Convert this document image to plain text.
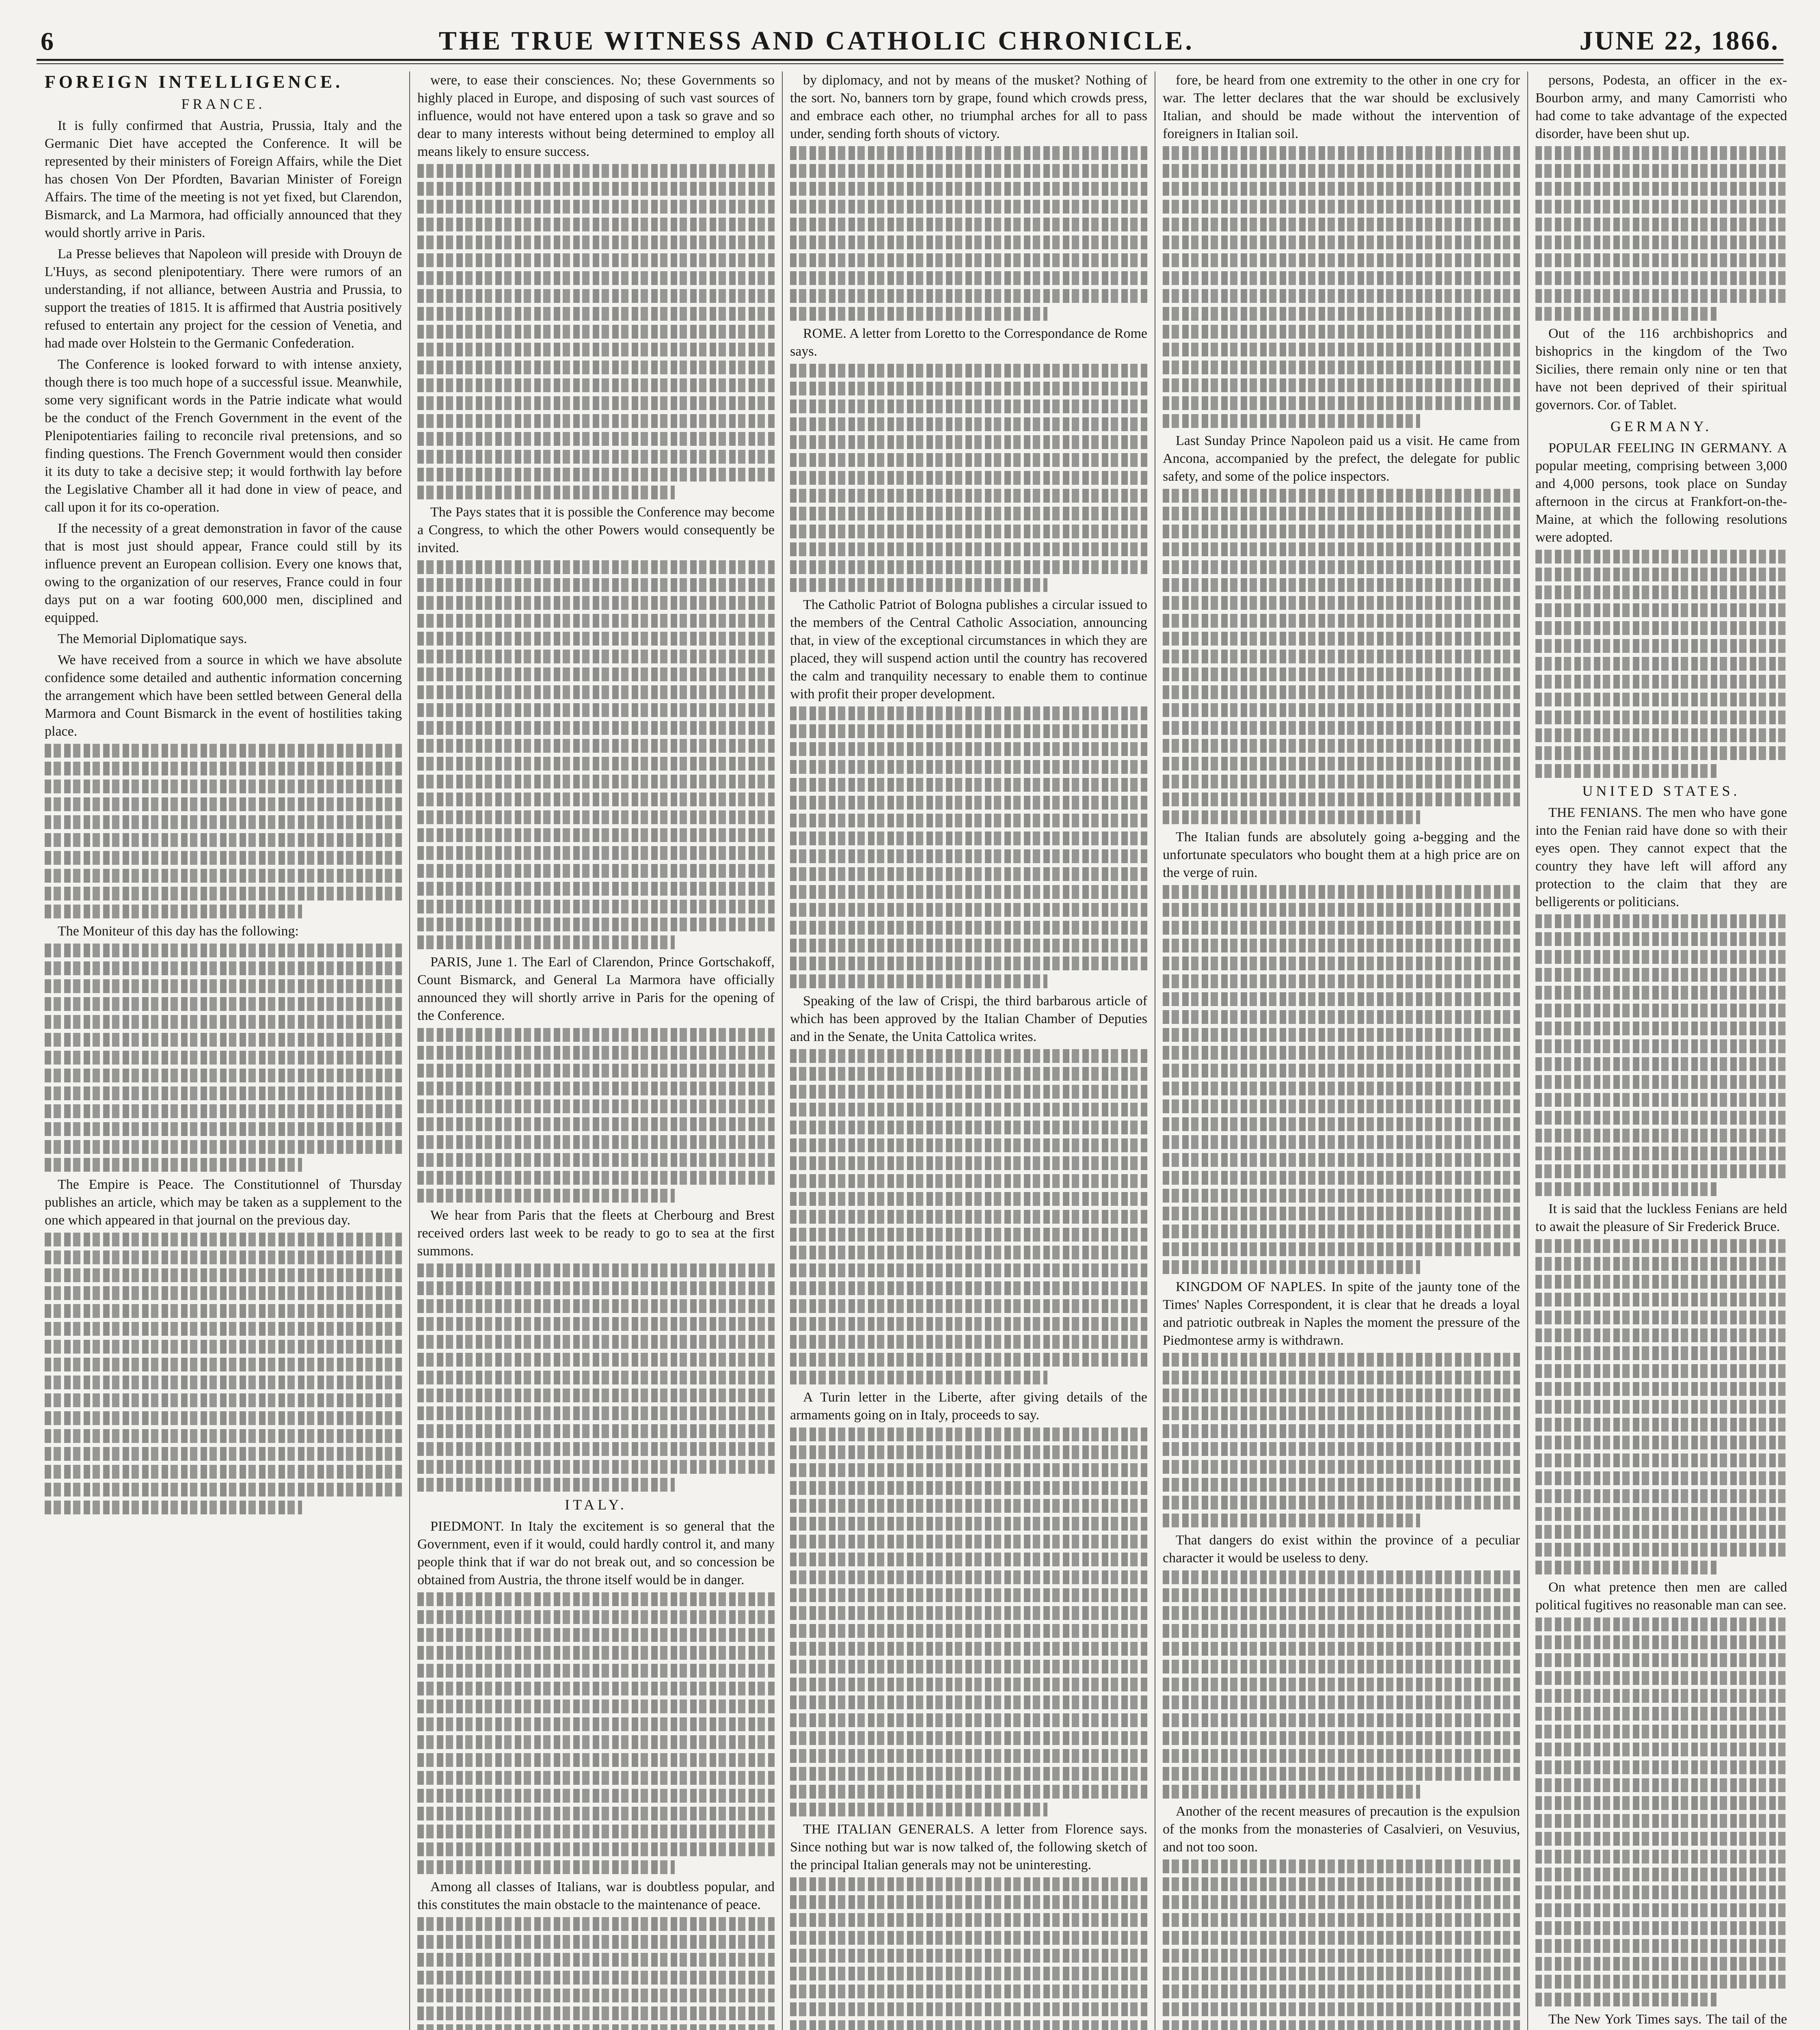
6	THE TRUE WITNESS AND CATHOLIC CHRONICLE.	JUNE 22, 1866.
FOREIGN INTELLIGENCE.
FRANCE.

It is fully confirmed that Austria, Prussia, Italy and the Germanic Diet have accepted the Conference. It will be represented by their ministers of Foreign Affairs, while the Diet has chosen Von Der Pfordten, Bavarian Minister of Foreign Affairs. The time of the meeting is not yet fixed, but Clarendon, Bismarck, and La Marmora, had officially announced that they would shortly arrive in Paris.

La Presse believes that Napoleon will preside with Drouyn de L'Huys, as second plenipotentiary. There were rumors of an understanding, if not alliance, between Austria and Prussia, to support the treaties of 1815. It is affirmed that Austria positively refused to entertain any project for the cession of Venetia, and had made over Holstein to the Germanic Confederation.

The Conference is looked forward to with intense anxiety, though there is too much hope of a successful issue. Meanwhile, some very significant words in the Patrie indicate what would be the conduct of the French Government in the event of the Plenipotentiaries failing to reconcile rival pretensions, and so finding questions. The French Government would then consider it its duty to take a decisive step; it would forthwith lay before the Legislative Chamber all it had done in view of peace, and call upon it for its co-operation.

If the necessity of a great demonstration in favor of the cause that is most just should appear, France could still by its influence prevent an European collision. Every one knows that, owing to the organization of our reserves, France could in four days put on a war footing 600,000 men, disciplined and equipped.

The Memorial Diplomatique says.

We have received from a source in which we have absolute confidence some detailed and authentic information concerning the arrangement which have been settled between General della Marmora and Count Bismarck in the event of hostilities taking place.

The Moniteur of this day has the following:

The Empire is Peace. The Constitutionnel of Thursday publishes an article, which may be taken as a supplement to the one which appeared in that journal on the previous day.

were, to ease their consciences. No; these Governments so highly placed in Europe, and disposing of such vast sources of influence, would not have entered upon a task so grave and so dear to many interests without being determined to employ all means likely to ensure success.

The Pays states that it is possible the Conference may become a Congress, to which the other Powers would consequently be invited.

PARIS, June 1. The Earl of Clarendon, Prince Gortschakoff, Count Bismarck, and General La Marmora have officially announced they will shortly arrive in Paris for the opening of the Conference.

We hear from Paris that the fleets at Cherbourg and Brest received orders last week to be ready to go to sea at the first summons.

ITALY.

PIEDMONT. In Italy the excitement is so general that the Government, even if it would, could hardly control it, and many people think that if war do not break out, and so concession be obtained from Austria, the throne itself would be in danger.

Among all classes of Italians, war is doubtless popular, and this constitutes the main obstacle to the maintenance of peace.

by diplomacy, and not by means of the musket? Nothing of the sort. No, banners torn by grape, found which crowds press, and embrace each other, no triumphal arches for all to pass under, sending forth shouts of victory.

ROME. A letter from Loretto to the Correspondance de Rome says.

The Catholic Patriot of Bologna publishes a circular issued to the members of the Central Catholic Association, announcing that, in view of the exceptional circumstances in which they are placed, they will suspend action until the country has recovered the calm and tranquility necessary to enable them to continue with profit their proper development.

Speaking of the law of Crispi, the third barbarous article of which has been approved by the Italian Chamber of Deputies and in the Senate, the Unita Cattolica writes.

A Turin letter in the Liberte, after giving details of the armaments going on in Italy, proceeds to say.

THE ITALIAN GENERALS. A letter from Florence says. Since nothing but war is now talked of, the following sketch of the principal Italian generals may not be uninteresting.

fore, be heard from one extremity to the other in one cry for war. The letter declares that the war should be exclusively Italian, and should be made without the intervention of foreigners in Italian soil.

Last Sunday Prince Napoleon paid us a visit. He came from Ancona, accompanied by the prefect, the delegate for public safety, and some of the police inspectors.

The Italian funds are absolutely going a-begging and the unfortunate speculators who bought them at a high price are on the verge of ruin.

KINGDOM OF NAPLES. In spite of the jaunty tone of the Times' Naples Correspondent, it is clear that he dreads a loyal and patriotic outbreak in Naples the moment the pressure of the Piedmontese army is withdrawn.

That dangers do exist within the province of a peculiar character it would be useless to deny.

Another of the recent measures of precaution is the expulsion of the monks from the monasteries of Casalvieri, on Vesuvius, and not too soon.

persons, Podesta, an officer in the ex-Bourbon army, and many Camorristi who had come to take advantage of the expected disorder, have been shut up.

Out of the 116 archbishoprics and bishoprics in the kingdom of the Two Sicilies, there remain only nine or ten that have not been deprived of their spiritual governors. Cor. of Tablet.

GERMANY.

POPULAR FEELING IN GERMANY. A popular meeting, comprising between 3,000 and 4,000 persons, took place on Sunday afternoon in the circus at Frankfort-on-the-Maine, at which the following resolutions were adopted.

UNITED STATES.

THE FENIANS. The men who have gone into the Fenian raid have done so with their eyes open. They cannot expect that the country they have left will afford any protection to the claim that they are belligerents or politicians.

It is said that the luckless Fenians are held to await the pleasure of Sir Frederick Bruce.

On what pretence then men are called political fugitives no reasonable man can see.

The New York Times says. The tail of the
